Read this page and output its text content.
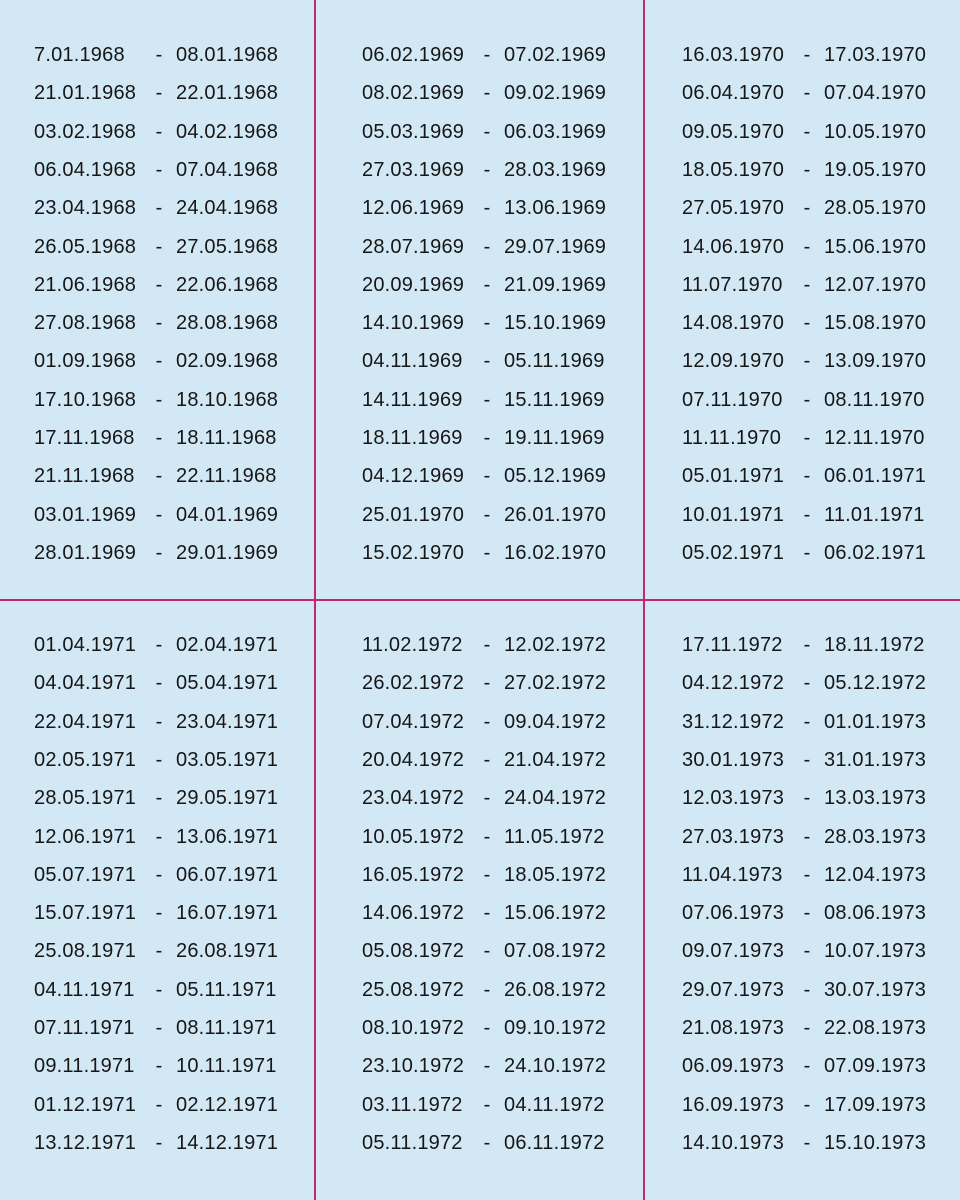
7.01.1968 - 08.01.1968
21.01.1968 - 22.01.1968
03.02.1968 - 04.02.1968
06.04.1968 - 07.04.1968
23.04.1968 - 24.04.1968
26.05.1968 - 27.05.1968
21.06.1968 - 22.06.1968
27.08.1968 - 28.08.1968
01.09.1968 - 02.09.1968
17.10.1968 - 18.10.1968
17.11.1968 - 18.11.1968
21.11.1968 - 22.11.1968
03.01.1969 - 04.01.1969
28.01.1969 - 29.01.1969
06.02.1969 - 07.02.1969
08.02.1969 - 09.02.1969
05.03.1969 - 06.03.1969
27.03.1969 - 28.03.1969
12.06.1969 - 13.06.1969
28.07.1969 - 29.07.1969
20.09.1969 - 21.09.1969
14.10.1969 - 15.10.1969
04.11.1969 - 05.11.1969
14.11.1969 - 15.11.1969
18.11.1969 - 19.11.1969
04.12.1969 - 05.12.1969
25.01.1970 - 26.01.1970
15.02.1970 - 16.02.1970
16.03.1970 - 17.03.1970
06.04.1970 - 07.04.1970
09.05.1970 - 10.05.1970
18.05.1970 - 19.05.1970
27.05.1970 - 28.05.1970
14.06.1970 - 15.06.1970
11.07.1970 - 12.07.1970
14.08.1970 - 15.08.1970
12.09.1970 - 13.09.1970
07.11.1970 - 08.11.1970
11.11.1970 - 12.11.1970
05.01.1971 - 06.01.1971
10.01.1971 - 11.01.1971
05.02.1971 - 06.02.1971
01.04.1971 - 02.04.1971
04.04.1971 - 05.04.1971
22.04.1971 - 23.04.1971
02.05.1971 - 03.05.1971
28.05.1971 - 29.05.1971
12.06.1971 - 13.06.1971
05.07.1971 - 06.07.1971
15.07.1971 - 16.07.1971
25.08.1971 - 26.08.1971
04.11.1971 - 05.11.1971
07.11.1971 - 08.11.1971
09.11.1971 - 10.11.1971
01.12.1971 - 02.12.1971
13.12.1971 - 14.12.1971
11.02.1972 - 12.02.1972
26.02.1972 - 27.02.1972
07.04.1972 - 09.04.1972
20.04.1972 - 21.04.1972
23.04.1972 - 24.04.1972
10.05.1972 - 11.05.1972
16.05.1972 - 18.05.1972
14.06.1972 - 15.06.1972
05.08.1972 - 07.08.1972
25.08.1972 - 26.08.1972
08.10.1972 - 09.10.1972
23.10.1972 - 24.10.1972
03.11.1972 - 04.11.1972
05.11.1972 - 06.11.1972
17.11.1972 - 18.11.1972
04.12.1972 - 05.12.1972
31.12.1972 - 01.01.1973
30.01.1973 - 31.01.1973
12.03.1973 - 13.03.1973
27.03.1973 - 28.03.1973
11.04.1973 - 12.04.1973
07.06.1973 - 08.06.1973
09.07.1973 - 10.07.1973
29.07.1973 - 30.07.1973
21.08.1973 - 22.08.1973
06.09.1973 - 07.09.1973
16.09.1973 - 17.09.1973
14.10.1973 - 15.10.1973
